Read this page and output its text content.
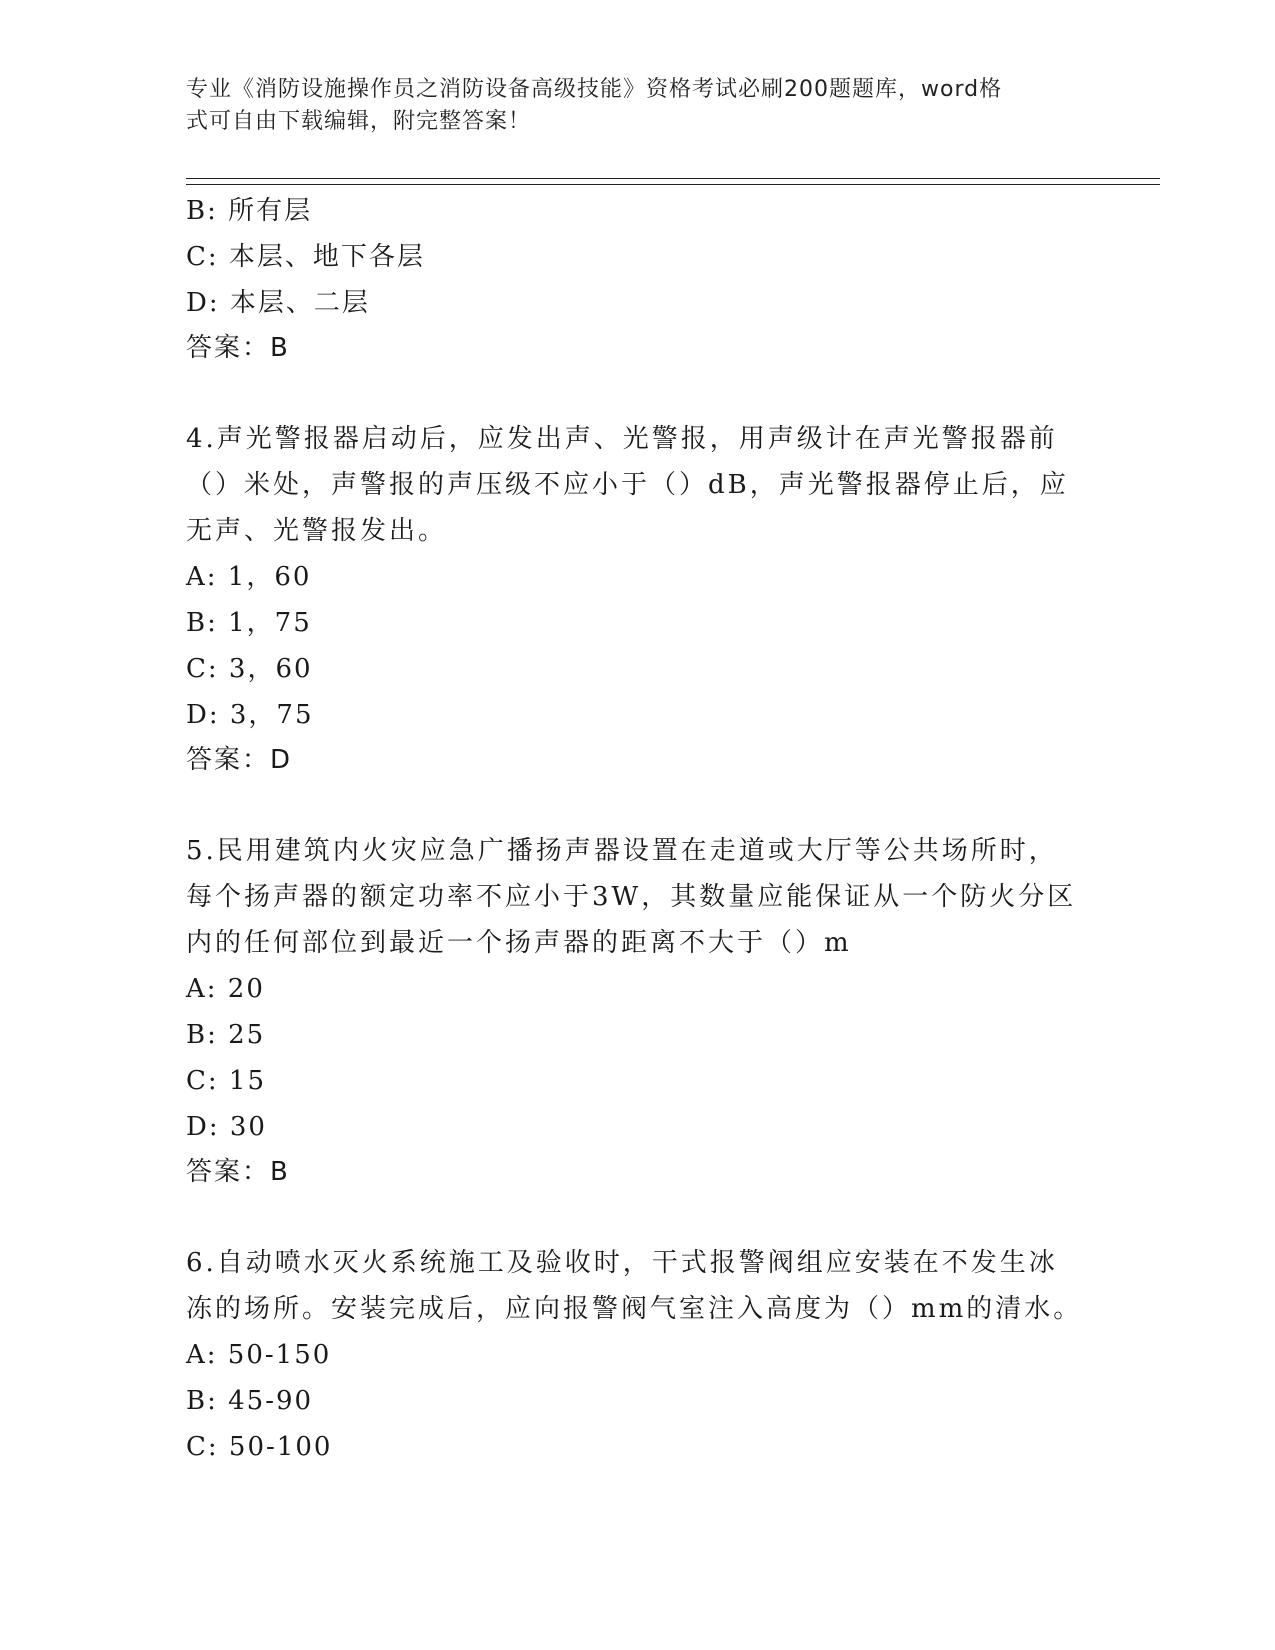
专业《消防设施操作员之消防设备高级技能》资格考试必刷200题题库，word格
式可自由下载编辑，附完整答案！

B: 所有层

C: 本层、地下各层

D: 本层、二层

答案：B

4.声光警报器启动后，应发出声、光警报，用声级计在声光警报器前

（）米处，声警报的声压级不应小于（）dB，声光警报器停止后，应

无声、光警报发出。

A: 1，60

B: 1，75

C: 3，60

D: 3，75

答案：D

5.民用建筑内火灾应急广播扬声器设置在走道或大厅等公共场所时，

每个扬声器的额定功率不应小于3W，其数量应能保证从一个防火分区

内的任何部位到最近一个扬声器的距离不大于（）m

A: 20

B: 25

C: 15

D: 30

答案：B

6.自动喷水灭火系统施工及验收时，干式报警阀组应安装在不发生冰

冻的场所。安装完成后，应向报警阀气室注入高度为（）mm的清水。

A: 50-150

B: 45-90

C: 50-100
